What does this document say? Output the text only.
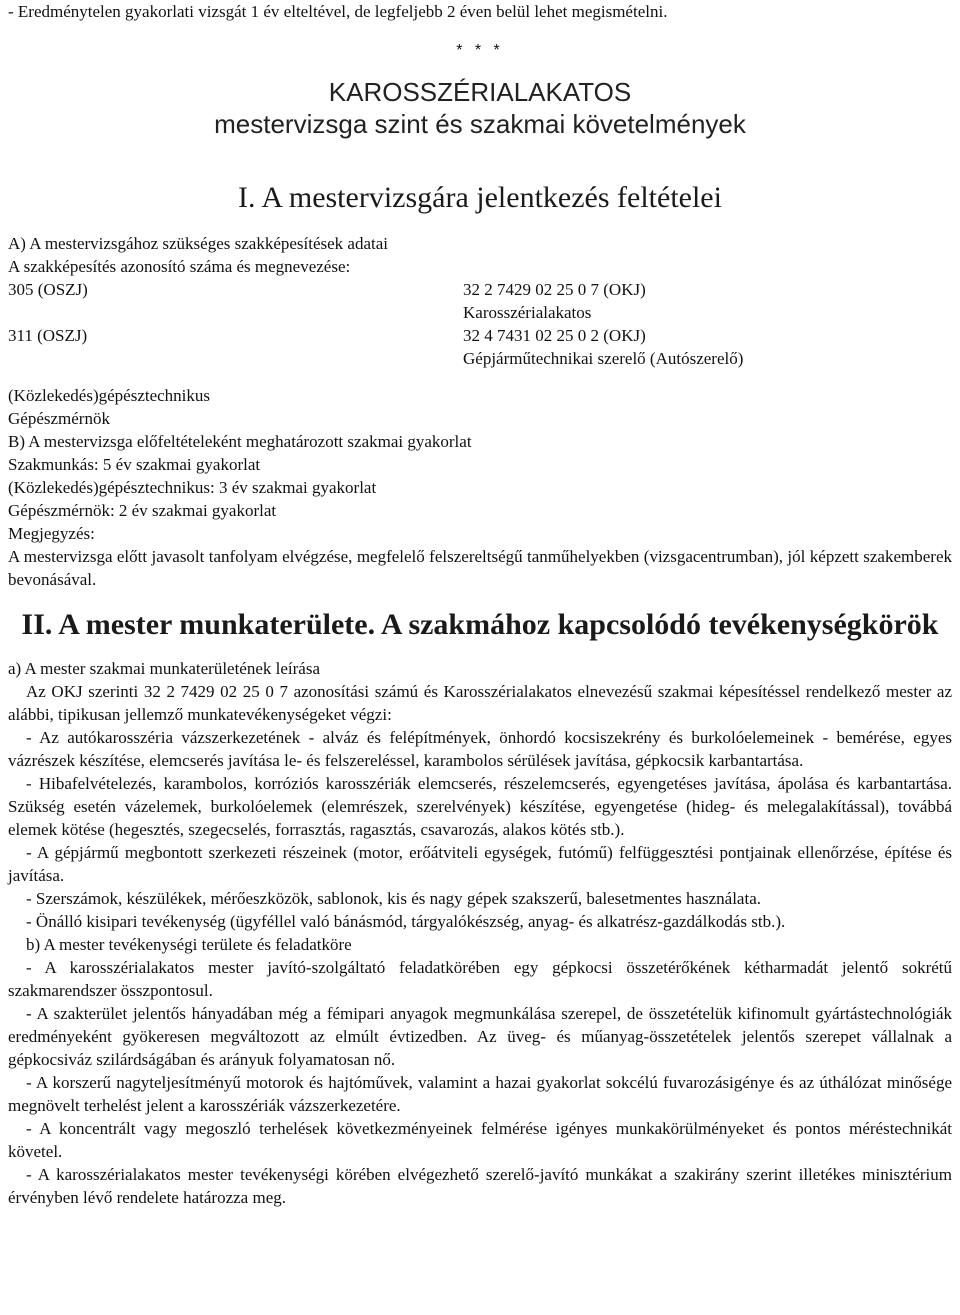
- Eredménytelen gyakorlati vizsgát 1 év elteltével, de legfeljebb 2 éven belül lehet megismételni.

* * *

KAROSSZÉRIALAKATOS

mestervizsga szint és szakmai követelmények

I. A mestervizsgára jelentkezés feltételei

A) A mestervizsgához szükséges szakképesítések adatai

A szakképesítés azonosító száma és megnevezése:

305 (OSZJ)	32 2 7429 02 25 0 7 (OKJ)
Karosszérialakatos
311 (OSZJ)	32 4 7431 02 25 0 2 (OKJ)
Gépjárműtechnikai szerelő (Autószerelő)

(Közlekedés)gépésztechnikus

Gépészmérnök

B) A mestervizsga előfeltételeként meghatározott szakmai gyakorlat

Szakmunkás: 5 év szakmai gyakorlat

(Közlekedés)gépésztechnikus: 3 év szakmai gyakorlat

Gépészmérnök: 2 év szakmai gyakorlat

Megjegyzés:

A mestervizsga előtt javasolt tanfolyam elvégzése, megfelelő felszereltségű tanműhelyekben (vizsgacentrumban), jól képzett szakemberek bevonásával.

II. A mester munkaterülete. A szakmához kapcsolódó tevékenységkörök

a) A mester szakmai munkaterületének leírása

Az OKJ szerinti 32 2 7429 02 25 0 7 azonosítási számú és Karosszérialakatos elnevezésű szakmai képesítéssel rendelkező mester az alábbi, tipikusan jellemző munkatevékenységeket végzi:

- Az autókarosszéria vázszerkezetének - alváz és felépítmények, önhordó kocsiszekrény és burkolóelemeinek - bemérése, egyes vázrészek készítése, elemcserés javítása le- és felszereléssel, karambolos sérülések javítása, gépkocsik karbantartása.

- Hibafelvételezés, karambolos, korróziós karosszériák elemcserés, részelemcserés, egyengetéses javítása, ápolása és karbantartása. Szükség esetén vázelemek, burkolóelemek (elemrészek, szerelvények) készítése, egyengetése (hideg- és melegalakítással), továbbá elemek kötése (hegesztés, szegecselés, forrasztás, ragasztás, csavarozás, alakos kötés stb.).

- A gépjármű megbontott szerkezeti részeinek (motor, erőátviteli egységek, futómű) felfüggesztési pontjainak ellenőrzése, építése és javítása.

- Szerszámok, készülékek, mérőeszközök, sablonok, kis és nagy gépek szakszerű, balesetmentes használata.

- Önálló kisipari tevékenység (ügyféllel való bánásmód, tárgyalókészség, anyag- és alkatrész-gazdálkodás stb.).

b) A mester tevékenységi területe és feladatköre

- A karosszérialakatos mester javító-szolgáltató feladatkörében egy gépkocsi összetérőkének kétharmadát jelentő sokrétű szakmarendszer összpontosul.

- A szakterület jelentős hányadában még a fémipari anyagok megmunkálása szerepel, de összetételük kifinomult gyártástechnológiák eredményeként gyökeresen megváltozott az elmúlt évtizedben. Az üveg- és műanyag-összetételek jelentős szerepet vállalnak a gépkocsiváz szilárdságában és arányuk folyamatosan nő.

- A korszerű nagyteljesítményű motorok és hajtóművek, valamint a hazai gyakorlat sokcélú fuvarozásigénye és az úthálózat minősége megnövelt terhelést jelent a karosszériák vázszerkezetére.

- A koncentrált vagy megoszló terhelések következményeinek felmérése igényes munkakörülményeket és pontos méréstechnikát követel.

- A karosszérialakatos mester tevékenységi körében elvégezhető szerelő-javító munkákat a szakirány szerint illetékes minisztérium érvényben lévő rendelete határozza meg.
